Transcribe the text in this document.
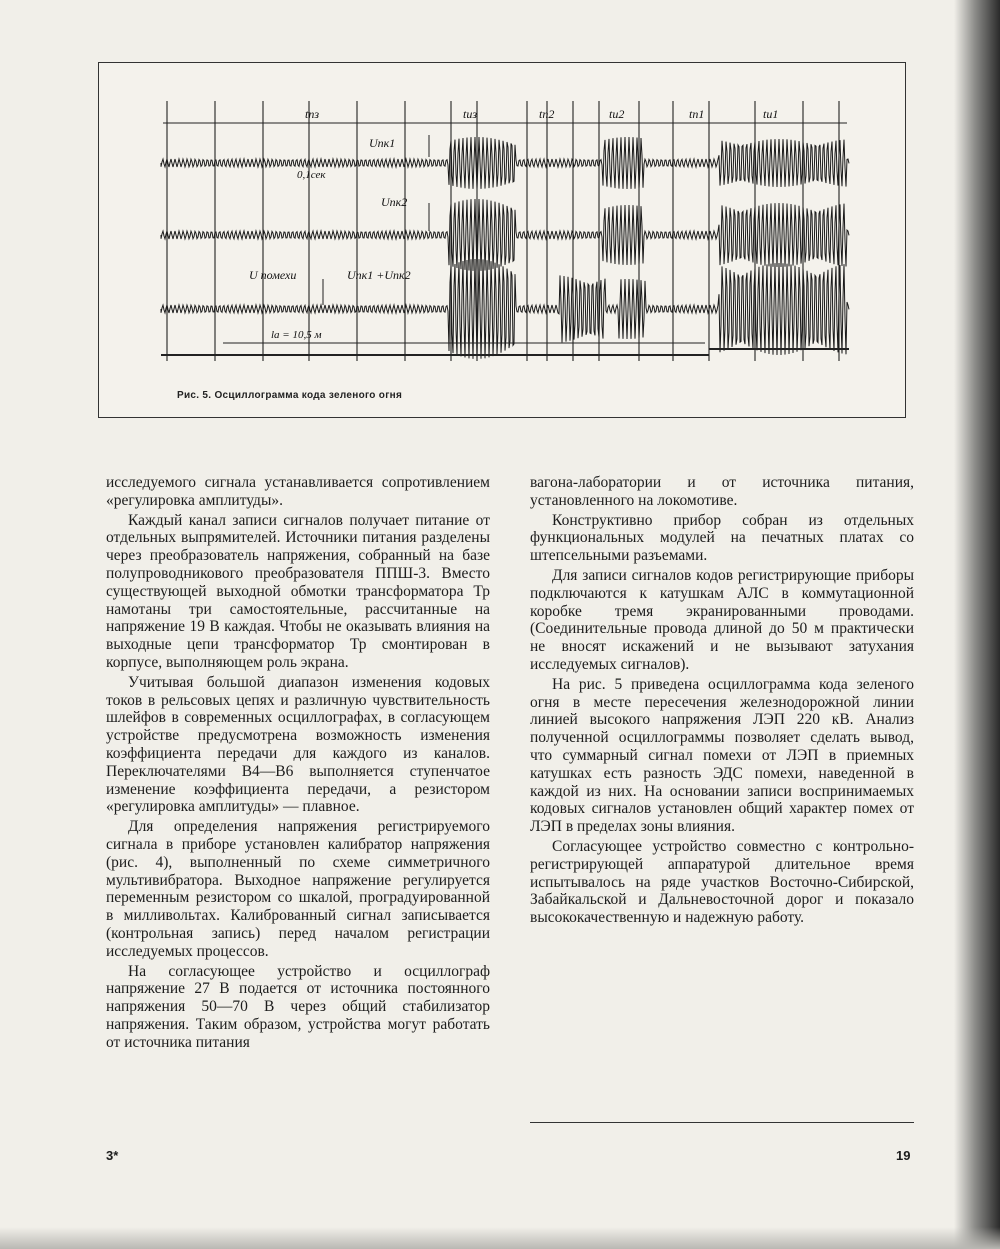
tпз	tиз	tп2	tи2	tп1	tи1
Uпк1
0,1сек
Uпк2
U помехи	Uпк1 +Uпк2
la = 10,5 м
Рис. 5. Осциллограмма кода зеленого огня

исследуемого сигнала устанавливается сопротивлением «регулировка амплитуды».

Каждый канал записи сигналов получает питание от отдельных выпрямителей. Источники питания разделены через преобразователь напряжения, собранный на базе полупроводникового преобразователя ППШ-3. Вместо существующей выходной обмотки трансформатора Тр намотаны три самостоятельные, рассчитанные на напряжение 19 В каждая. Чтобы не оказывать влияния на выходные цепи трансформатор Тр смонтирован в корпусе, выполняющем роль экрана.

Учитывая большой диапазон изменения кодовых токов в рельсовых цепях и различную чувствительность шлейфов в современных осциллографах, в согласующем устройстве предусмотрена возможность изменения коэффициента передачи для каждого из каналов. Переключателями В4—В6 выполняется ступенчатое изменение коэффициента передачи, а резистором «регулировка амплитуды» — плавное.

Для определения напряжения регистрируемого сигнала в приборе установлен калибратор напряжения (рис. 4), выполненный по схеме симметричного мультивибратора. Выходное напряжение регулируется переменным резистором со шкалой, проградуированной в милливольтах. Калиброванный сигнал записывается (контрольная запись) перед началом регистрации исследуемых процессов.

На согласующее устройство и осциллограф напряжение 27 В подается от источника постоянного напряжения 50—70 В через общий стабилизатор напряжения. Таким образом, устройства могут работать от источника питания

вагона-лаборатории и от источника питания, установленного на локомотиве.

Конструктивно прибор собран из отдельных функциональных модулей на печатных платах со штепсельными разъемами.

Для записи сигналов кодов регистрирующие приборы подключаются к катушкам АЛС в коммутационной коробке тремя экранированными проводами. (Соединительные провода длиной до 50 м практически не вносят искажений и не вызывают затухания исследуемых сигналов).

На рис. 5 приведена осциллограмма кода зеленого огня в месте пересечения железнодорожной линии линией высокого напряжения ЛЭП 220 кВ. Анализ полученной осциллограммы позволяет сделать вывод, что суммарный сигнал помехи от ЛЭП в приемных катушках есть разность ЭДС помехи, наведенной в каждой из них. На основании записи воспринимаемых кодовых сигналов установлен общий характер помех от ЛЭП в пределах зоны влияния.

Согласующее устройство совместно с контрольно-регистрирующей аппаратурой длительное время испытывалось на ряде участков Восточно-Сибирской, Забайкальской и Дальневосточной дорог и показало высококачественную и надежную работу.

3*	19
